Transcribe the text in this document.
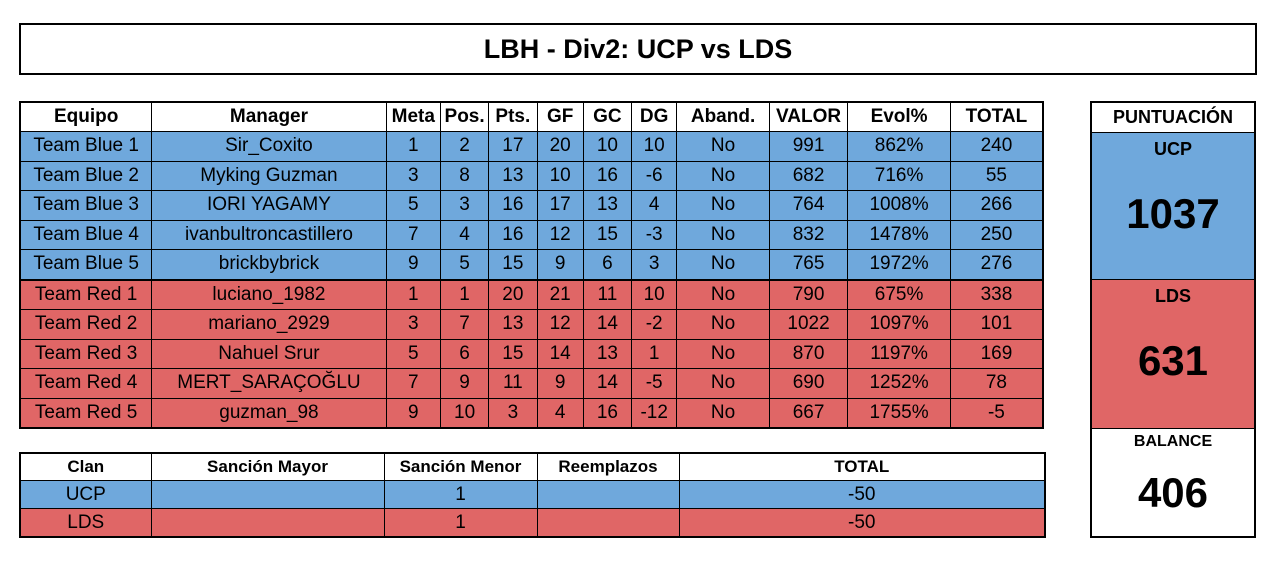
LBH - Div2: UCP vs LDS
Equipo	Manager	Meta	Pos.	Pts.	GF	GC	DG	Aband.	VALOR	Evol%	TOTAL
Team Blue 1	Sir_Coxito	1	2	17	20	10	10	No	991	862%	240
Team Blue 2	Myking Guzman	3	8	13	10	16	-6	No	682	716%	55
Team Blue 3	IORI YAGAMY	5	3	16	17	13	4	No	764	1008%	266
Team Blue 4	ivanbultroncastillero	7	4	16	12	15	-3	No	832	1478%	250
Team Blue 5	brickbybrick	9	5	15	9	6	3	No	765	1972%	276
Team Red 1	luciano_1982	1	1	20	21	11	10	No	790	675%	338
Team Red 2	mariano_2929	3	7	13	12	14	-2	No	1022	1097%	101
Team Red 3	Nahuel Srur	5	6	15	14	13	1	No	870	1197%	169
Team Red 4	MERT_SARAÇOĞLU	7	9	11	9	14	-5	No	690	1252%	78
Team Red 5	guzman_98	9	10	3	4	16	-12	No	667	1755%	-5
Clan	Sanción Mayor	Sanción Menor	Reemplazos	TOTAL
UCP		1		-50
LDS		1		-50
PUNTUACIÓN
UCP
1037
LDS
631
BALANCE
406
